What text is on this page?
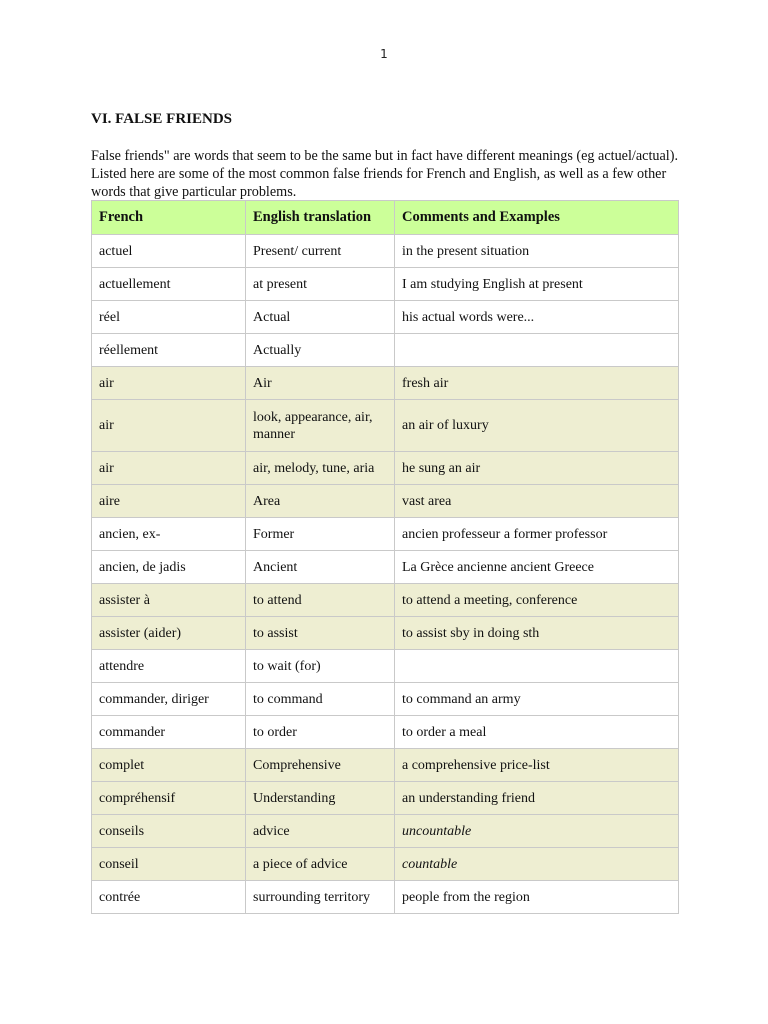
1
VI. FALSE FRIENDS

False friends" are words that seem to be the same but in fact have different meanings (eg actuel/actual). Listed here are some of the most common false friends for French and English, as well as a few other words that give particular problems.

French	English translation	Comments and Examples
actuel	Present/ current	in the present situation
actuellement	at present	I am studying English at present
réel	Actual	his actual words were...
réellement	Actually	
air	Air	fresh air
air	look, appearance, air, manner	an air of luxury
air	air, melody, tune, aria	he sung an air
aire	Area	vast area
ancien, ex-	Former	ancien professeur a former professor
ancien, de jadis	Ancient	La Grèce ancienne ancient Greece
assister à	to attend	to attend a meeting, conference
assister (aider)	to assist	to assist sby in doing sth
attendre	to wait (for)	
commander, diriger	to command	to command an army
commander	to order	to order a meal
complet	Comprehensive	a comprehensive price-list
compréhensif	Understanding	an understanding friend
conseils	advice	uncountable
conseil	a piece of advice	countable
contrée	surrounding territory	people from the region
